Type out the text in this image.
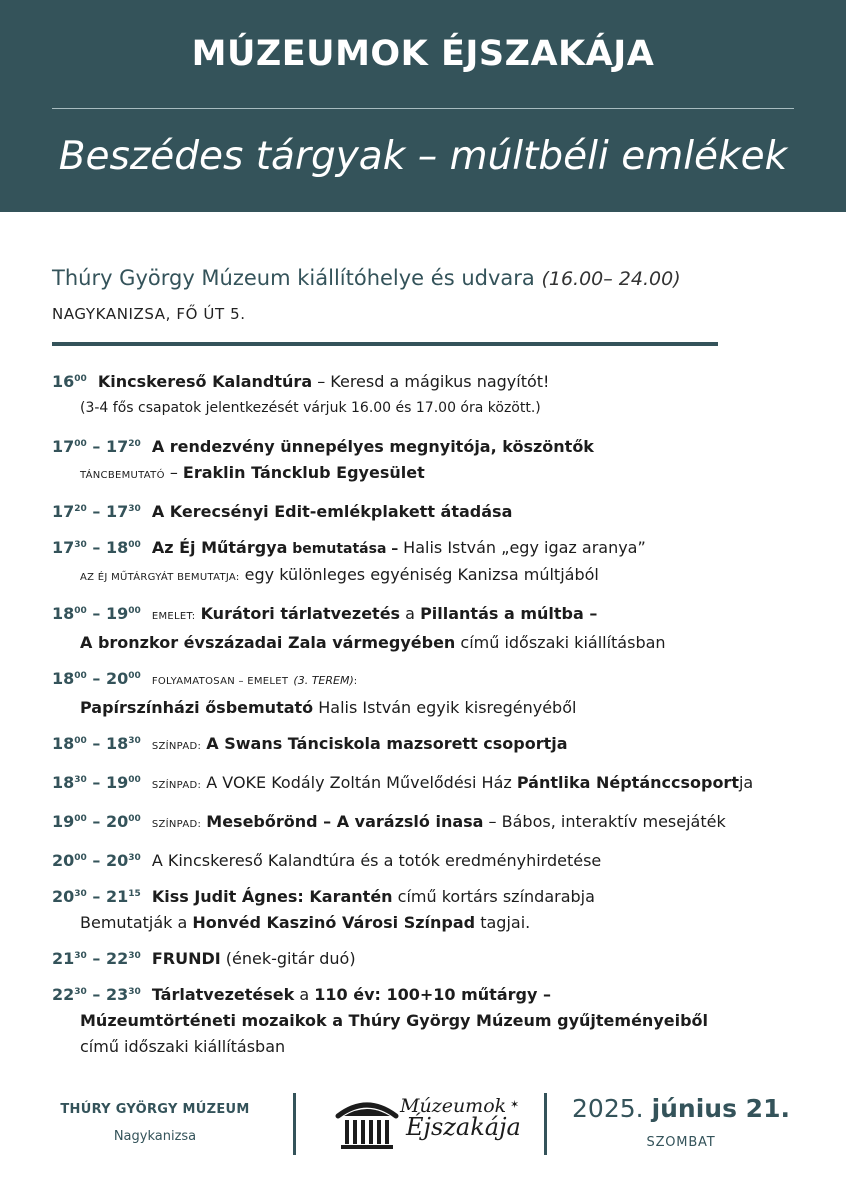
MÚZEUMOK ÉJSZAKÁJA
Beszédes tárgyak – múltbéli emlékek
Thúry György Múzeum kiállítóhelye és udvara (16.00– 24.00)
NAGYKANIZSA, FŐ ÚT 5.
$16^{00}$ Kincskereső Kalandtúra – Keresd a mágikus nagyítót!
(3-4 fős csapatok jelentkezését várjuk 16.00 és 17.00 óra között.)
$17^{00} - 17^{20}$ A rendezvény ünnepélyes megnyitója, köszöntők
TÁNCBEMUTATÓ – Eraklin Táncklub Egyesület
$17^{20} - 17^{30}$ A Kerecsényi Edit-emlékplakett átadása
$17^{30} - 18^{00}$ Az Éj Műtárgya bemutatása – Halis István „egy igaz aranya”
AZ ÉJ MŰTÁRGYÁT BEMUTATJA: egy különleges egyéniség Kanizsa múltjából
$18^{00} - 19^{00}$ EMELET: Kurátori tárlatvezetés a Pillantás a múltba –
A bronzkor évszázadai Zala vármegyében című időszaki kiállításban
$18^{00} - 20^{00}$ FOLYAMATOSAN – EMELET (3. TEREM):
Papírszínházi ősbemutató Halis István egyik kisregényéből
$18^{00} - 18^{30}$ SZÍNPAD: A Swans Tánciskola mazsorett csoportja
$18^{30} - 19^{00}$ SZÍNPAD: A VOKE Kodály Zoltán Művelődési Ház Pántlika Néptánccsoportja
$19^{00} - 20^{00}$ SZÍNPAD: Mesebőrönd – A varázsló inasa – Bábos, interaktív mesejáték
$20^{00} - 20^{30}$ A Kincskereső Kalandtúra és a totók eredményhirdetése
$20^{30} - 21^{15}$ Kiss Judit Ágnes: Karantén című kortárs színdarabja
Bemutatják a Honvéd Kaszinó Városi Színpad tagjai.
$21^{30} - 22^{30}$ FRUNDI (ének-gitár duó)
$22^{30} - 23^{30}$ Tárlatvezetések a 110 év: 100+10 műtárgy –
Múzeumtörténeti mozaikok a Thúry György Múzeum gyűjteményeiből
című időszaki kiállításban
THÚRY GYÖRGY MÚZEUM
Nagykanizsa
Múzeumok
Éjszakája
✶ 2025. június 21.
SZOMBAT
